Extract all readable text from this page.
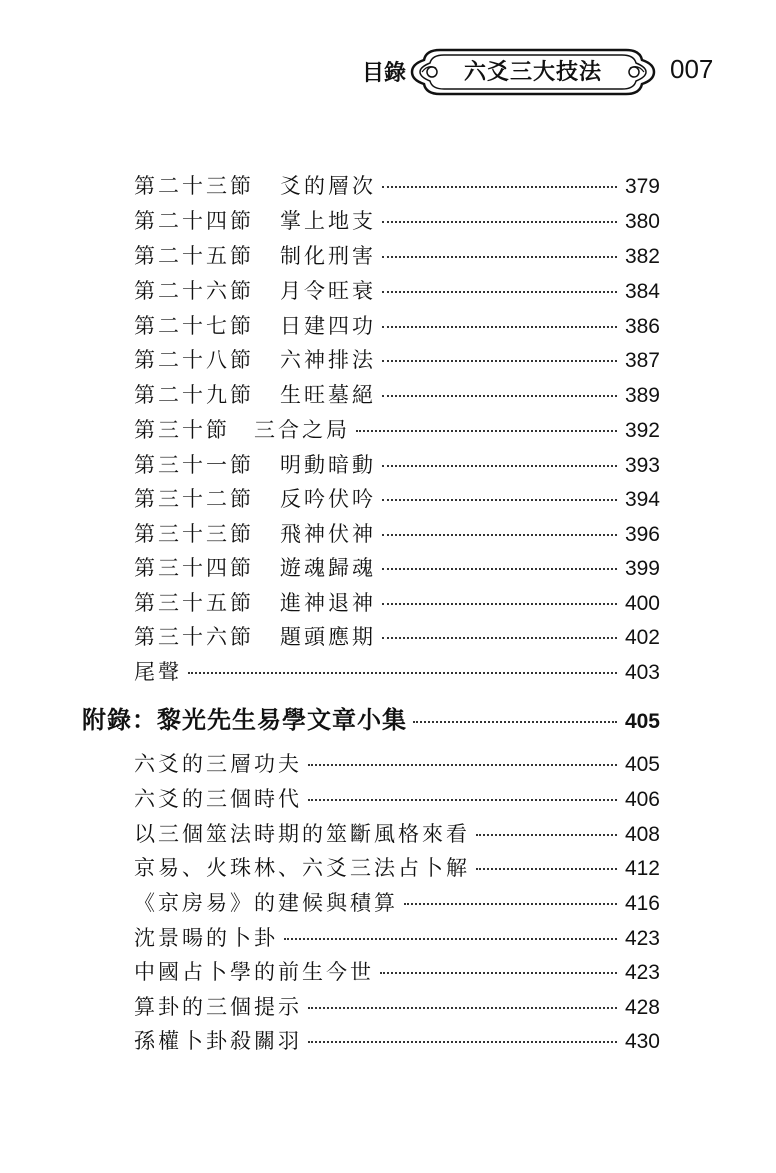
目錄	六爻三大技法	007
第二十三節 爻的層次	379
第二十四節 掌上地支	380
第二十五節 制化刑害	382
第二十六節 月令旺衰	384
第二十七節 日建四功	386
第二十八節 六神排法	387
第二十九節 生旺墓絕	389
第三十節 三合之局	392
第三十一節 明動暗動	393
第三十二節 反吟伏吟	394
第三十三節 飛神伏神	396
第三十四節 遊魂歸魂	399
第三十五節 進神退神	400
第三十六節 題頭應期	402
尾聲	403
附錄：黎光先生易學文章小集	405
六爻的三層功夫	405
六爻的三個時代	406
以三個筮法時期的筮斷風格來看	408
京易、火珠林、六爻三法占卜解	412
《京房易》的建候與積算	416
沈景暘的卜卦	423
中國占卜學的前生今世	423
算卦的三個提示	428
孫權卜卦殺關羽	430
